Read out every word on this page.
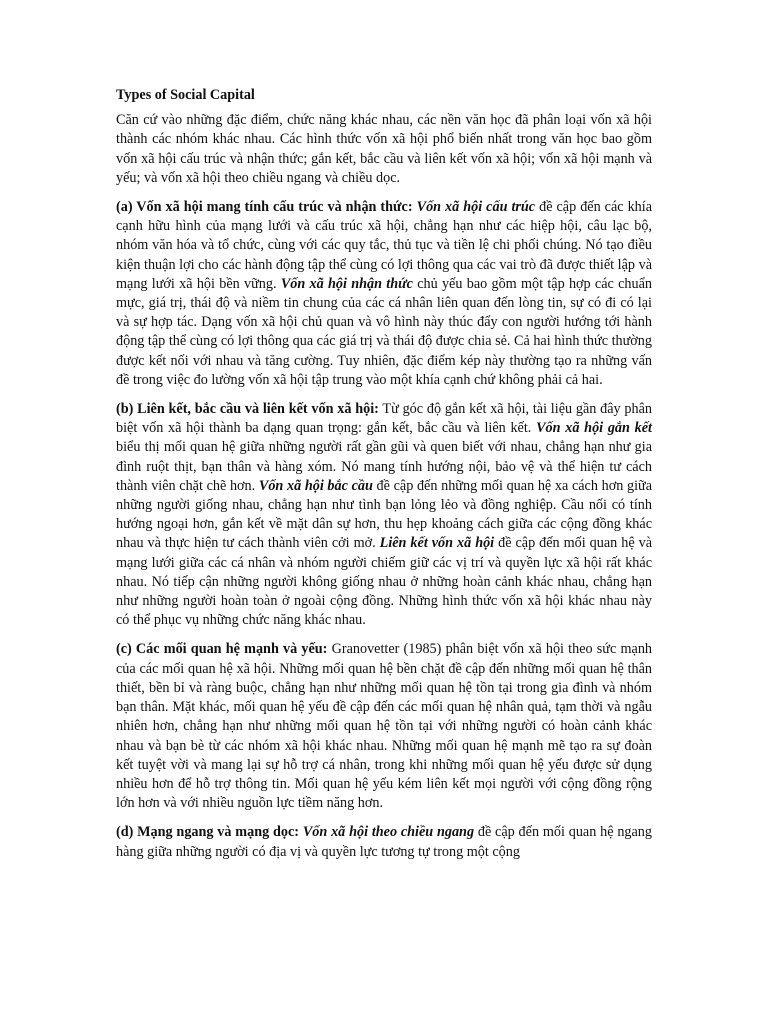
Types of Social Capital

Căn cứ vào những đặc điểm, chức năng khác nhau, các nền văn học đã phân loại vốn xã hội thành các nhóm khác nhau. Các hình thức vốn xã hội phổ biến nhất trong văn học bao gồm vốn xã hội cấu trúc và nhận thức; gắn kết, bắc cầu và liên kết vốn xã hội; vốn xã hội mạnh và yếu; và vốn xã hội theo chiều ngang và chiều dọc.

(a) Vốn xã hội mang tính cấu trúc và nhận thức: Vốn xã hội cấu trúc đề cập đến các khía cạnh hữu hình của mạng lưới và cấu trúc xã hội, chẳng hạn như các hiệp hội, câu lạc bộ, nhóm văn hóa và tổ chức, cùng với các quy tắc, thủ tục và tiền lệ chi phối chúng. Nó tạo điều kiện thuận lợi cho các hành động tập thể cùng có lợi thông qua các vai trò đã được thiết lập và mạng lưới xã hội bền vững. Vốn xã hội nhận thức chủ yếu bao gồm một tập hợp các chuẩn mực, giá trị, thái độ và niềm tin chung của các cá nhân liên quan đến lòng tin, sự có đi có lại và sự hợp tác. Dạng vốn xã hội chủ quan và vô hình này thúc đẩy con người hướng tới hành động tập thể cùng có lợi thông qua các giá trị và thái độ được chia sẻ. Cả hai hình thức thường được kết nối với nhau và tăng cường. Tuy nhiên, đặc điểm kép này thường tạo ra những vấn đề trong việc đo lường vốn xã hội tập trung vào một khía cạnh chứ không phải cả hai.

(b) Liên kết, bắc cầu và liên kết vốn xã hội: Từ góc độ gắn kết xã hội, tài liệu gần đây phân biệt vốn xã hội thành ba dạng quan trọng: gắn kết, bắc cầu và liên kết. Vốn xã hội gắn kết biểu thị mối quan hệ giữa những người rất gần gũi và quen biết với nhau, chẳng hạn như gia đình ruột thịt, bạn thân và hàng xóm. Nó mang tính hướng nội, bảo vệ và thể hiện tư cách thành viên chặt chẽ hơn. Vốn xã hội bắc cầu đề cập đến những mối quan hệ xa cách hơn giữa những người giống nhau, chẳng hạn như tình bạn lỏng lẻo và đồng nghiệp. Cầu nối có tính hướng ngoại hơn, gắn kết về mặt dân sự hơn, thu hẹp khoảng cách giữa các cộng đồng khác nhau và thực hiện tư cách thành viên cởi mở. Liên kết vốn xã hội đề cập đến mối quan hệ và mạng lưới giữa các cá nhân và nhóm người chiếm giữ các vị trí và quyền lực xã hội rất khác nhau. Nó tiếp cận những người không giống nhau ở những hoàn cảnh khác nhau, chẳng hạn như những người hoàn toàn ở ngoài cộng đồng. Những hình thức vốn xã hội khác nhau này có thể phục vụ những chức năng khác nhau.

(c) Các mối quan hệ mạnh và yếu: Granovetter (1985) phân biệt vốn xã hội theo sức mạnh của các mối quan hệ xã hội. Những mối quan hệ bền chặt đề cập đến những mối quan hệ thân thiết, bền bỉ và ràng buộc, chẳng hạn như những mối quan hệ tồn tại trong gia đình và nhóm bạn thân. Mặt khác, mối quan hệ yếu đề cập đến các mối quan hệ nhân quả, tạm thời và ngẫu nhiên hơn, chẳng hạn như những mối quan hệ tồn tại với những người có hoàn cảnh khác nhau và bạn bè từ các nhóm xã hội khác nhau. Những mối quan hệ mạnh mẽ tạo ra sự đoàn kết tuyệt vời và mang lại sự hỗ trợ cá nhân, trong khi những mối quan hệ yếu được sử dụng nhiều hơn để hỗ trợ thông tin. Mối quan hệ yếu kém liên kết mọi người với cộng đồng rộng lớn hơn và với nhiều nguồn lực tiềm năng hơn.

(d) Mạng ngang và mạng dọc: Vốn xã hội theo chiều ngang đề cập đến mối quan hệ ngang hàng giữa những người có địa vị và quyền lực tương tự trong một cộng
